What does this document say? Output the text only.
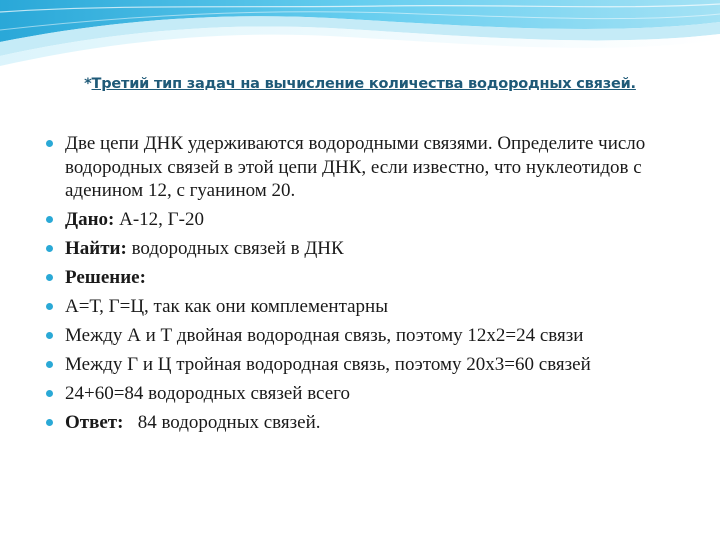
*Третий тип задач на вычисление количества водородных связей.
Две цепи ДНК удерживаются водородными связями. Определите число водородных связей в этой цепи ДНК, если известно, что нуклеотидов с аденином 12, с гуанином 20.
Дано: А-12, Г-20
Найти: водородных связей в ДНК
Решение:
А=Т, Г=Ц, так как они комплементарны
Между А и Т двойная водородная связь, поэтому 12х2=24 связи
Между Г и Ц тройная водородная связь, поэтому 20х3=60 связей
24+60=84 водородных связей всего
Ответ:   84 водородных связей.
